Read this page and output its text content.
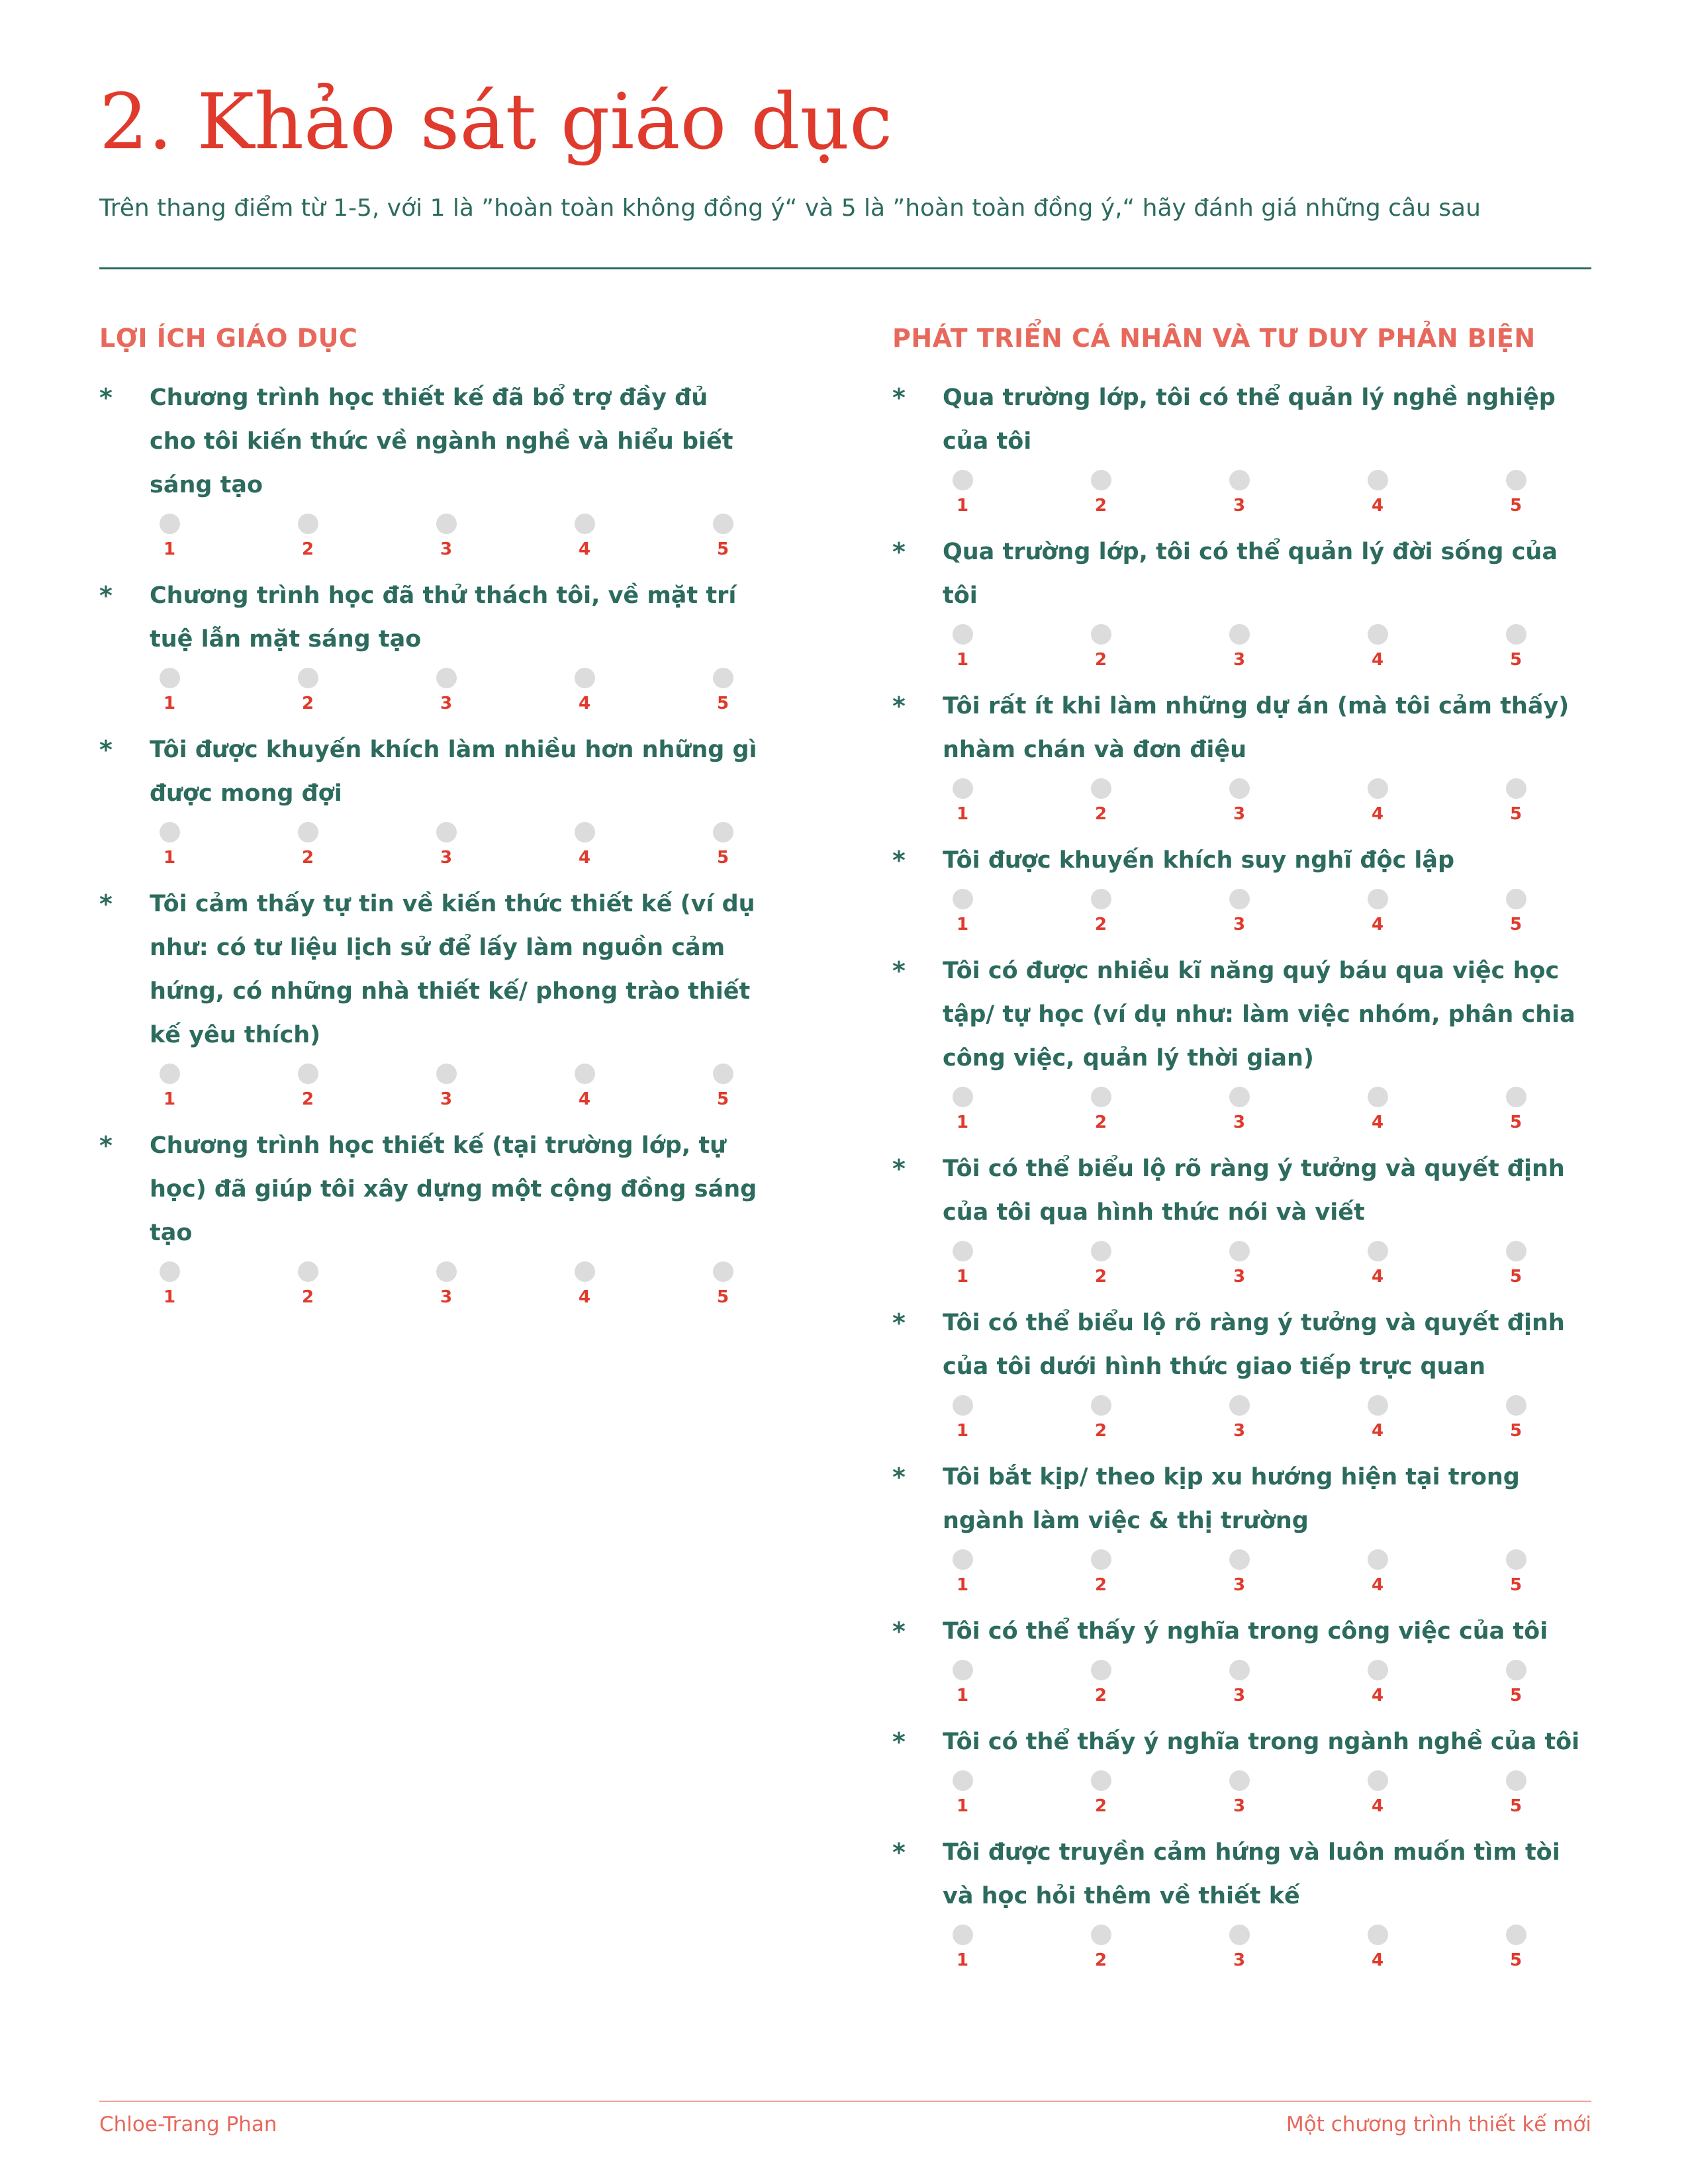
2. Khảo sát giáo dục

Trên thang điểm từ 1-5, với 1 là ”hoàn toàn không đồng ý“ và 5 là ”hoàn toàn đồng ý,“ hãy đánh giá những câu sau

LỢI ÍCH GIÁO DỤC
* Chương trình học thiết kế đã bổ trợ đầy đủ cho tôi kiến thức về ngành nghề và hiểu biết sáng tạo

1	2	3	4	5
* Chương trình học đã thử thách tôi, về mặt trí tuệ lẫn mặt sáng tạo

1	2	3	4	5
* Tôi được khuyến khích làm nhiều hơn những gì được mong đợi

1	2	3	4	5
* Tôi cảm thấy tự tin về kiến thức thiết kế (ví dụ như: có tư liệu lịch sử để lấy làm nguồn cảm hứng, có những nhà thiết kế/ phong trào thiết kế yêu thích)

1	2	3	4	5
* Chương trình học thiết kế (tại trường lớp, tự học) đã giúp tôi xây dựng một cộng đồng sáng tạo

1	2	3	4	5
PHÁT TRIỂN CÁ NHÂN VÀ TƯ DUY PHẢN BIỆN
* Qua trường lớp, tôi có thể quản lý nghề nghiệp của tôi

1	2	3	4	5
* Qua trường lớp, tôi có thể quản lý đời sống của tôi

1	2	3	4	5
* Tôi rất ít khi làm những dự án (mà tôi cảm thấy) nhàm chán và đơn điệu

1	2	3	4	5
* Tôi được khuyến khích suy nghĩ độc lập

1	2	3	4	5
* Tôi có được nhiều kĩ năng quý báu qua việc học tập/ tự học (ví dụ như: làm việc nhóm, phân chia công việc, quản lý thời gian)

1	2	3	4	5
* Tôi có thể biểu lộ rõ ràng ý tưởng và quyết định của tôi qua hình thức nói và viết

1	2	3	4	5
* Tôi có thể biểu lộ rõ ràng ý tưởng và quyết định của tôi dưới hình thức giao tiếp trực quan

1	2	3	4	5
* Tôi bắt kịp/ theo kịp xu hướng hiện tại trong ngành làm việc & thị trường

1	2	3	4	5
* Tôi có thể thấy ý nghĩa trong công việc của tôi

1	2	3	4	5
* Tôi có thể thấy ý nghĩa trong ngành nghề của tôi

1	2	3	4	5
* Tôi được truyền cảm hứng và luôn muốn tìm tòi và học hỏi thêm về thiết kế

1	2	3	4	5
Chloe-Trang Phan	Một chương trình thiết kế mới
